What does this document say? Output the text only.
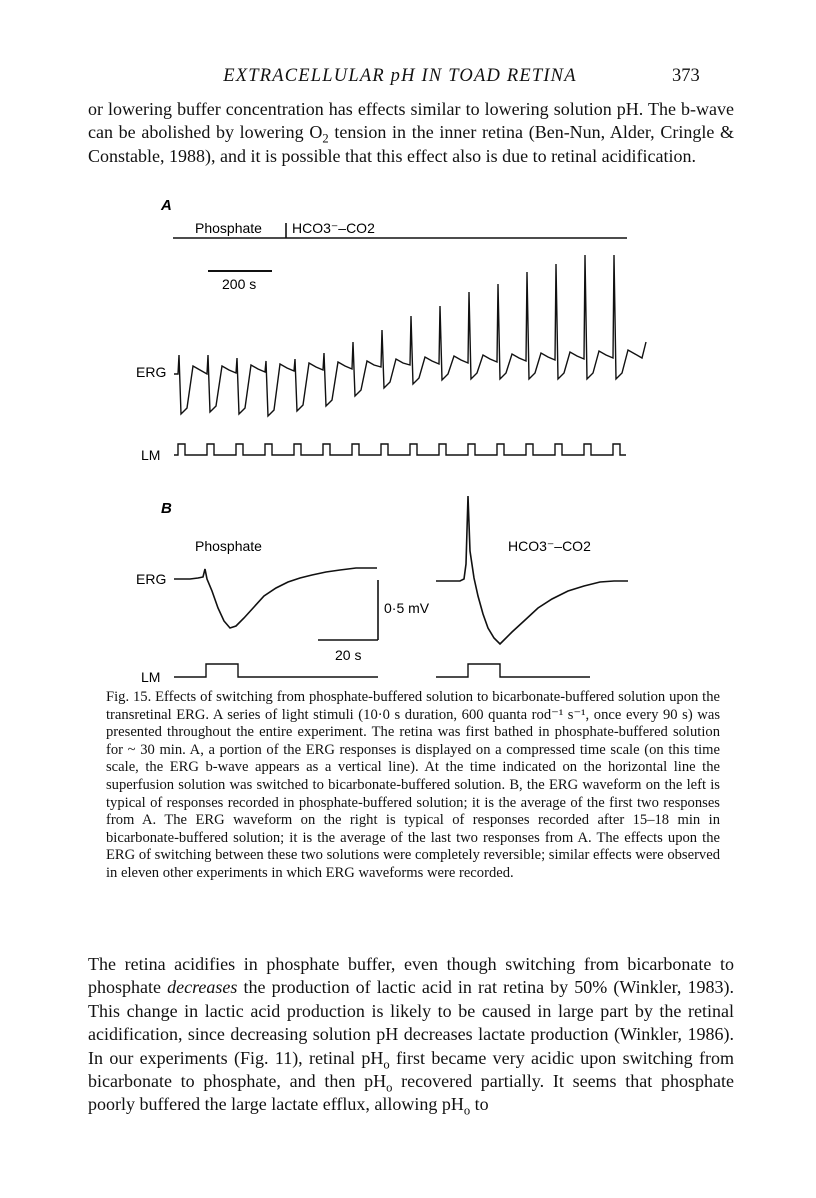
EXTRACELLULAR pH IN TOAD RETINA	373
or lowering buffer concentration has effects similar to lowering solution pH. The b-wave can be abolished by lowering $O_2$ tension in the inner retina (Ben-Nun, Alder, Cringle & Constable, 1988), and it is possible that this effect also is due to retinal acidification.
A
Phosphate HCO3⁻–CO2
200 s
ERG
LM
B
Phosphate	HCO3⁻–CO2
ERG
0·5 mV
20 s
LM

Fig. 15. Effects of switching from phosphate-buffered solution to bicarbonate-buffered solution upon the transretinal ERG. A series of light stimuli (10·0 s duration, 600 quanta rod⁻¹ s⁻¹, once every 90 s) was presented throughout the entire experiment. The retina was first bathed in phosphate-buffered solution for ~ 30 min. A, a portion of the ERG responses is displayed on a compressed time scale (on this time scale, the ERG b-wave appears as a vertical line). At the time indicated on the horizontal line the superfusion solution was switched to bicarbonate-buffered solution. B, the ERG waveform on the left is typical of responses recorded in phosphate-buffered solution; it is the average of the first two responses from A. The ERG waveform on the right is typical of responses recorded after 15–18 min in bicarbonate-buffered solution; it is the average of the last two responses from A. The effects upon the ERG of switching between these two solutions were completely reversible; similar effects were observed in eleven other experiments in which ERG waveforms were recorded.

The retina acidifies in phosphate buffer, even though switching from bicarbonate to phosphate decreases the production of lactic acid in rat retina by 50% (Winkler, 1983). This change in lactic acid production is likely to be caused in large part by the retinal acidification, since decreasing solution pH decreases lactate production (Winkler, 1986). In our experiments (Fig. 11), retinal $pH_o$ first became very acidic upon switching from bicarbonate to phosphate, and then $pH_o$ recovered partially. It seems that phosphate poorly buffered the large lactate efflux, allowing $pH_o$ to
